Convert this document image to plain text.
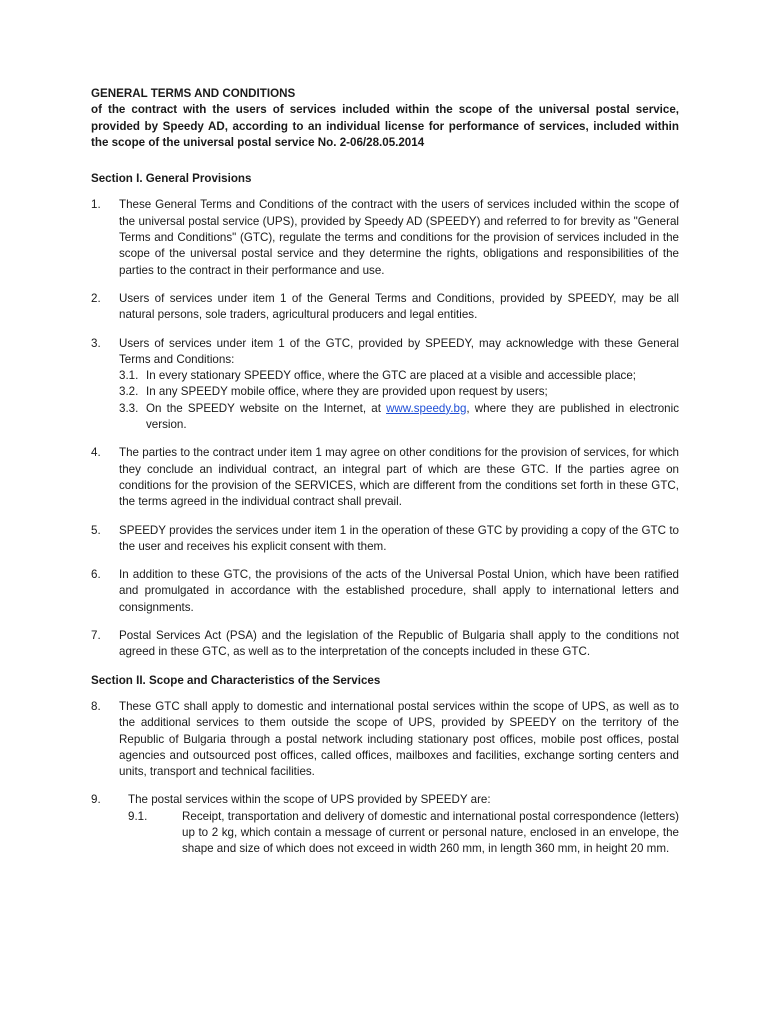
GENERAL TERMS AND CONDITIONS
of the contract with the users of services included within the scope of the universal postal service, provided by Speedy AD, according to an individual license for performance of services, included within the scope of the universal postal service No. 2-06/28.05.2014
Section I. General Provisions
1. These General Terms and Conditions of the contract with the users of services included within the scope of the universal postal service (UPS), provided by Speedy AD (SPEEDY) and referred to for brevity as "General Terms and Conditions" (GTC), regulate the terms and conditions for the provision of services included in the scope of the universal postal service and they determine the rights, obligations and responsibilities of the parties to the contract in their performance and use.
2. Users of services under item 1 of the General Terms and Conditions, provided by SPEEDY, may be all natural persons, sole traders, agricultural producers and legal entities.
3. Users of services under item 1 of the GTC, provided by SPEEDY, may acknowledge with these General Terms and Conditions:
3.1. In every stationary SPEEDY office, where the GTC are placed at a visible and accessible place;
3.2. In any SPEEDY mobile office, where they are provided upon request by users;
3.3. On the SPEEDY website on the Internet, at www.speedy.bg, where they are published in electronic version.
4. The parties to the contract under item 1 may agree on other conditions for the provision of services, for which they conclude an individual contract, an integral part of which are these GTC. If the parties agree on conditions for the provision of the SERVICES, which are different from the conditions set forth in these GTC, the terms agreed in the individual contract shall prevail.
5. SPEEDY provides the services under item 1 in the operation of these GTC by providing a copy of the GTC to the user and receives his explicit consent with them.
6. In addition to these GTC, the provisions of the acts of the Universal Postal Union, which have been ratified and promulgated in accordance with the established procedure, shall apply to international letters and consignments.
7. Postal Services Act (PSA) and the legislation of the Republic of Bulgaria shall apply to the conditions not agreed in these GTC, as well as to the interpretation of the concepts included in these GTC.
Section II. Scope and Characteristics of the Services
8. These GTC shall apply to domestic and international postal services within the scope of UPS, as well as to the additional services to them outside the scope of UPS, provided by SPEEDY on the territory of the Republic of Bulgaria through a postal network including stationary post offices, mobile post offices, postal agencies and outsourced post offices, called offices, mailboxes and facilities, exchange sorting centers and units, transport and technical facilities.
9. The postal services within the scope of UPS provided by SPEEDY are:
9.1.	Receipt, transportation and delivery of domestic and international postal correspondence (letters) up to 2 kg, which contain a message of current or personal nature, enclosed in an envelope, the shape and size of which does not exceed in width 260 mm, in length 360 mm, in height 20 mm.
